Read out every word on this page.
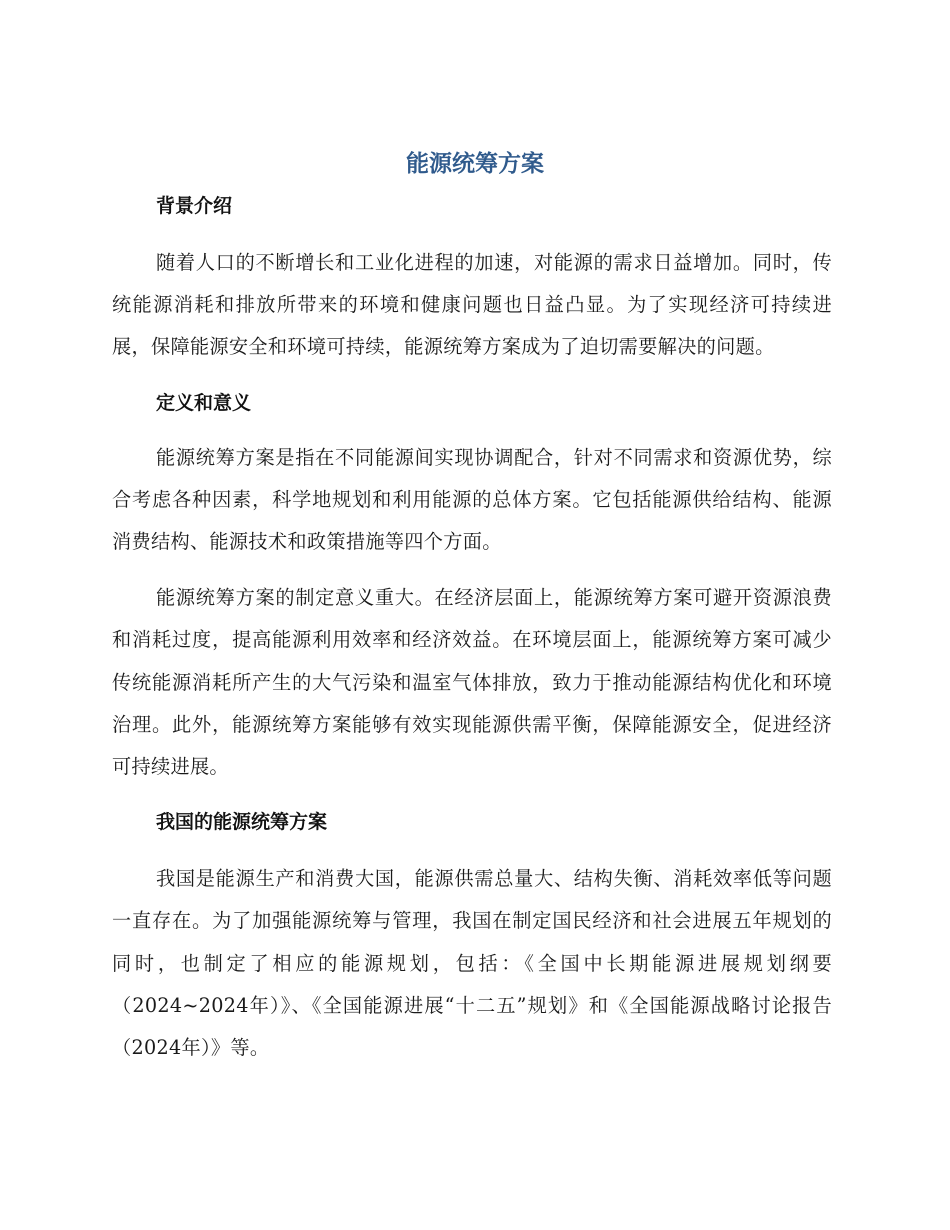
能源统筹方案
背景介绍

随着人口的不断增长和工业化进程的加速，对能源的需求日益增加。同时，传统能源消耗和排放所带来的环境和健康问题也日益凸显。为了实现经济可持续进展，保障能源安全和环境可持续，能源统筹方案成为了迫切需要解决的问题。

定义和意义

能源统筹方案是指在不同能源间实现协调配合，针对不同需求和资源优势，综合考虑各种因素，科学地规划和利用能源的总体方案。它包括能源供给结构、能源消费结构、能源技术和政策措施等四个方面。

能源统筹方案的制定意义重大。在经济层面上，能源统筹方案可避开资源浪费和消耗过度，提高能源利用效率和经济效益。在环境层面上，能源统筹方案可减少传统能源消耗所产生的大气污染和温室气体排放，致力于推动能源结构优化和环境治理。此外，能源统筹方案能够有效实现能源供需平衡，保障能源安全，促进经济可持续进展。

我国的能源统筹方案

我国是能源生产和消费大国，能源供需总量大、结构失衡、消耗效率低等问题一直存在。为了加强能源统筹与管理，我国在制定国民经济和社会进展五年规划的同时，也制定了相应的能源规划，包括：《全国中长期能源进展规划纲要（2024~2024年）》、《全国能源进展“十二五”规划》和《全国能源战略讨论报告（2024年）》等。
